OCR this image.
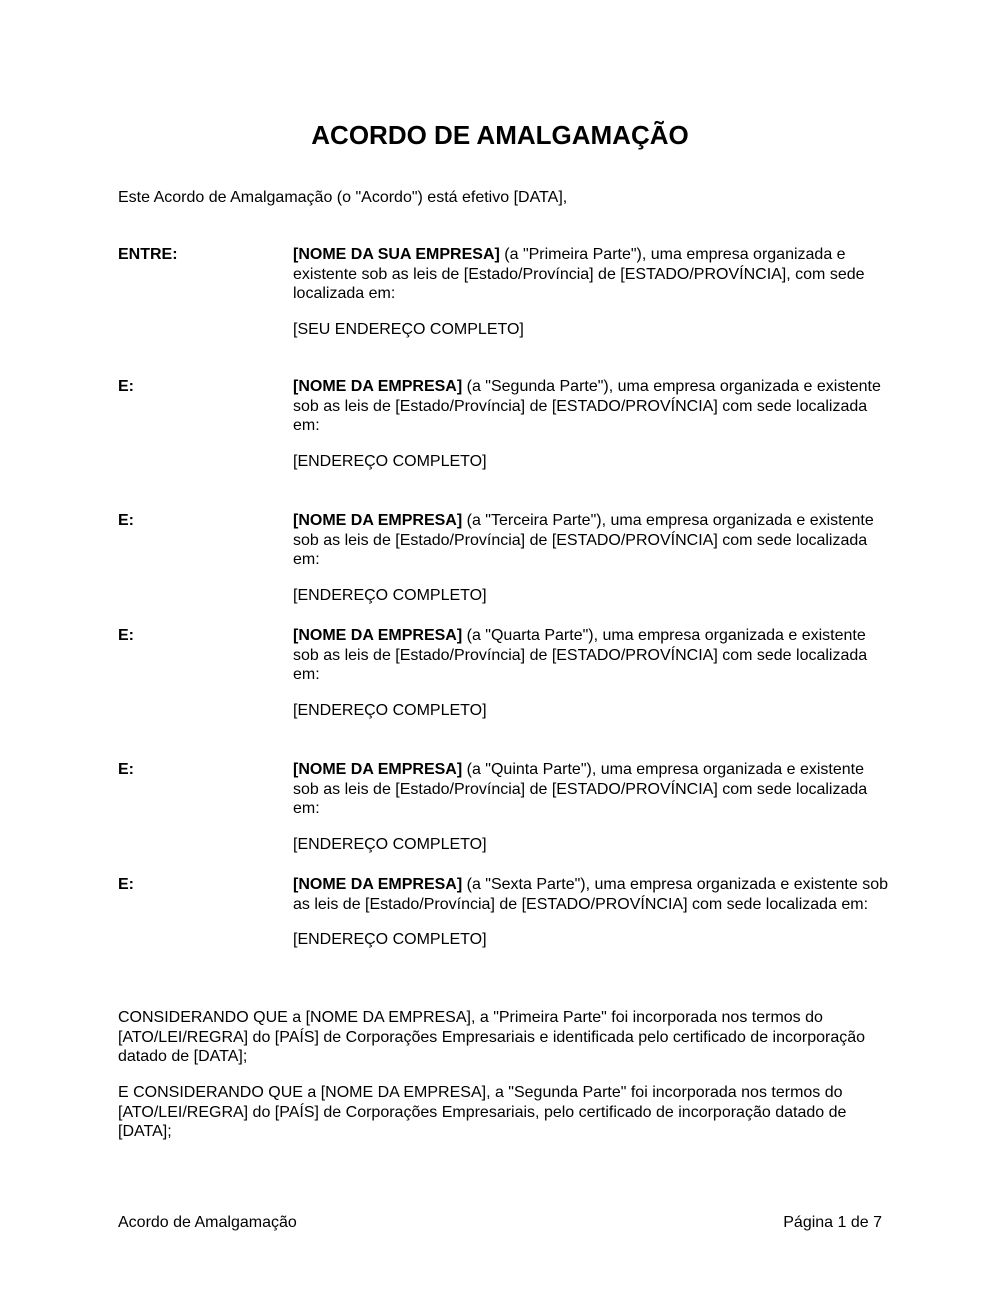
ACORDO DE AMALGAMAÇÃO
Este Acordo de Amalgamação (o "Acordo") está efetivo [DATA],
ENTRE:	[NOME DA SUA EMPRESA] (a "Primeira Parte"), uma empresa organizada e existente sob as leis de [Estado/Província] de [ESTADO/PROVÍNCIA], com sede localizada em:
[SEU ENDEREÇO COMPLETO]
E:	[NOME DA EMPRESA] (a "Segunda Parte"), uma empresa organizada e existente sob as leis de [Estado/Província] de [ESTADO/PROVÍNCIA] com sede localizada em:
[ENDEREÇO COMPLETO]
E:	[NOME DA EMPRESA] (a "Terceira Parte"), uma empresa organizada e existente sob as leis de [Estado/Província] de [ESTADO/PROVÍNCIA] com sede localizada em:
[ENDEREÇO COMPLETO]
E:	[NOME DA EMPRESA] (a "Quarta Parte"), uma empresa organizada e existente sob as leis de [Estado/Província] de [ESTADO/PROVÍNCIA] com sede localizada em:
[ENDEREÇO COMPLETO]
E:	[NOME DA EMPRESA] (a "Quinta Parte"), uma empresa organizada e existente sob as leis de [Estado/Província] de [ESTADO/PROVÍNCIA] com sede localizada em:
[ENDEREÇO COMPLETO]
E:	[NOME DA EMPRESA] (a "Sexta Parte"), uma empresa organizada e existente sob as leis de [Estado/Província] de [ESTADO/PROVÍNCIA] com sede localizada em:
[ENDEREÇO COMPLETO]
CONSIDERANDO QUE a [NOME DA EMPRESA], a "Primeira Parte" foi incorporada nos termos do [ATO/LEI/REGRA] do [PAÍS] de Corporações Empresariais e identificada pelo certificado de incorporação datado de [DATA];
E CONSIDERANDO QUE a [NOME DA EMPRESA], a "Segunda Parte" foi incorporada nos termos do [ATO/LEI/REGRA] do [PAÍS] de Corporações Empresariais, pelo certificado de incorporação datado de [DATA];
Acordo de Amalgamação	Página 1 de 7
